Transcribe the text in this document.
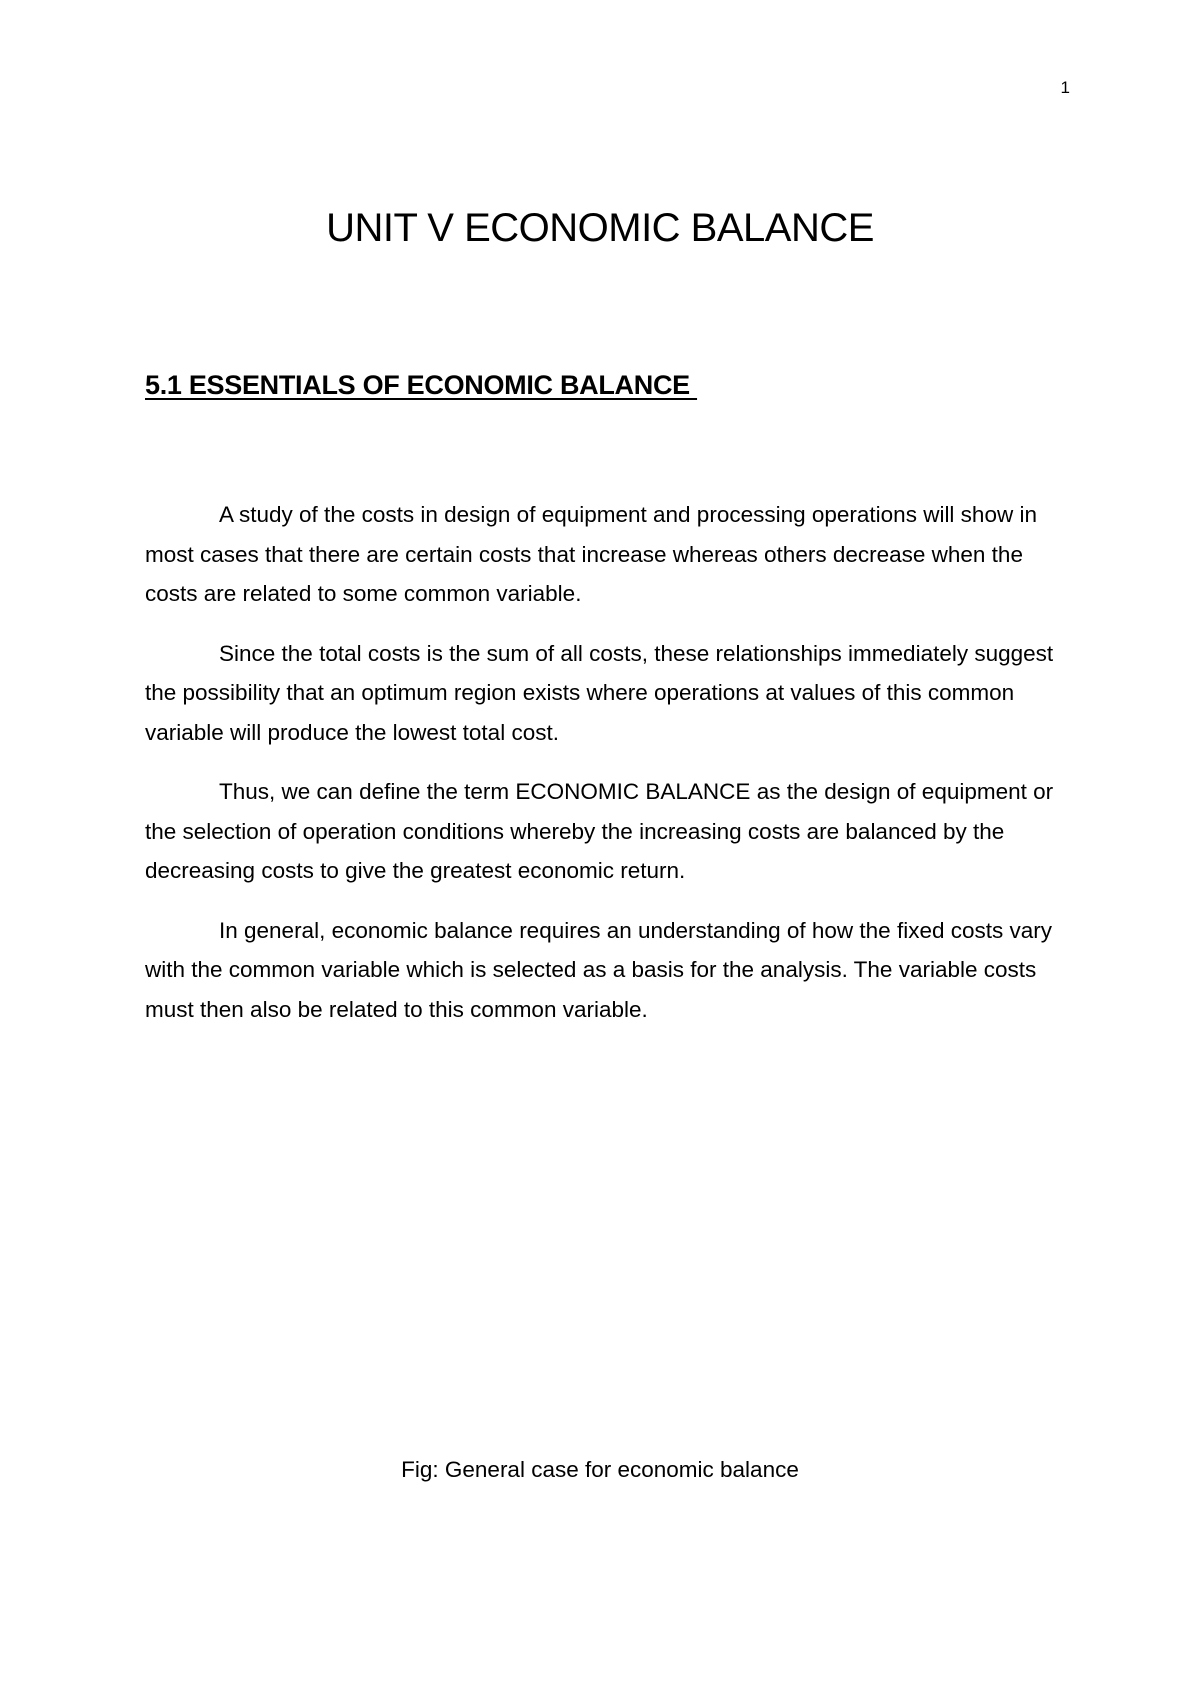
1
UNIT V ECONOMIC BALANCE
5.1 ESSENTIALS OF ECONOMIC BALANCE

A study of the costs in design of equipment and processing operations will show in most cases that there are certain costs that increase whereas others decrease when the costs are related to some common variable.

Since the total costs is the sum of all costs, these relationships immediately suggest the possibility that an optimum region exists where operations at values of this common variable will produce the lowest total cost.

Thus, we can define the term ECONOMIC BALANCE as the design of equipment or the selection of operation conditions whereby the increasing costs are balanced by the decreasing costs to give the greatest economic return.

In general, economic balance requires an understanding of how the fixed costs vary with the common variable which is selected as a basis for the analysis. The variable costs must then also be related to this common variable.

Fig: General case for economic balance
